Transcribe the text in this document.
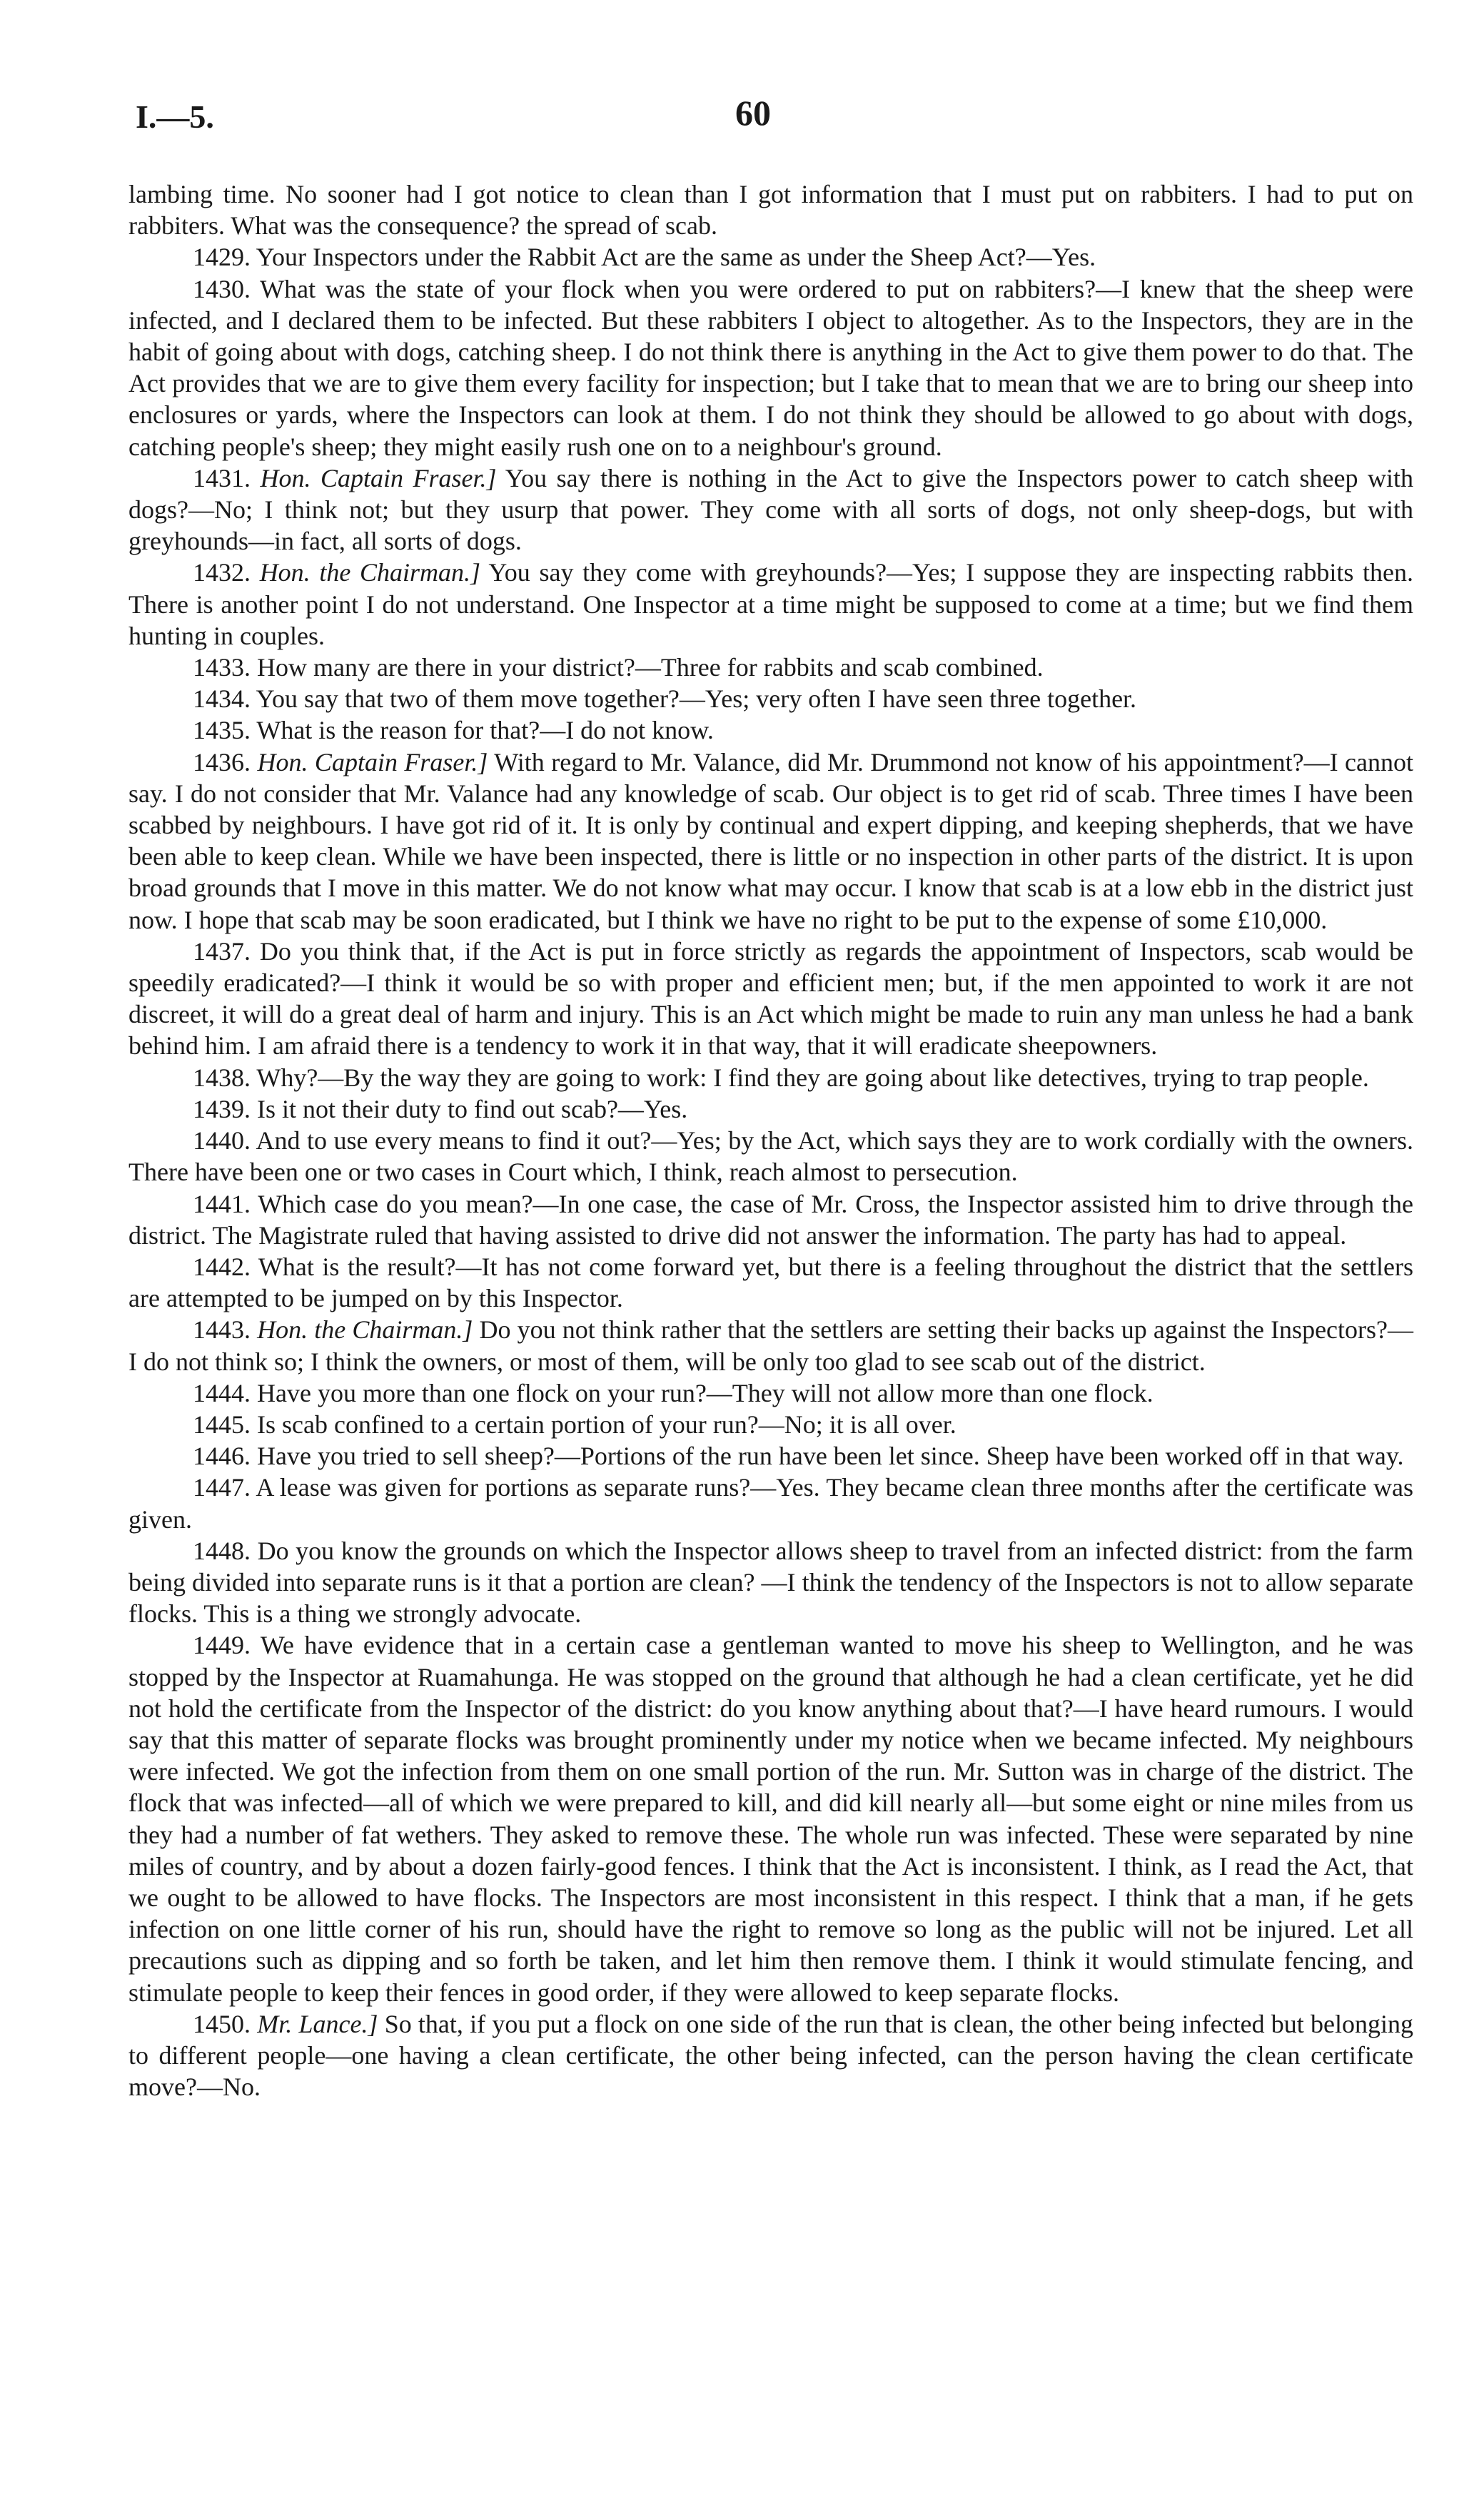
I.—5.	60

lambing time. No sooner had I got notice to clean than I got information that I must put on rabbiters. I had to put on rabbiters. What was the consequence? the spread of scab.

1429. Your Inspectors under the Rabbit Act are the same as under the Sheep Act?—Yes.

1430. What was the state of your flock when you were ordered to put on rabbiters?—I knew that the sheep were infected, and I declared them to be infected. But these rabbiters I object to altogether. As to the Inspectors, they are in the habit of going about with dogs, catching sheep. I do not think there is anything in the Act to give them power to do that. The Act provides that we are to give them every facility for inspection; but I take that to mean that we are to bring our sheep into enclosures or yards, where the Inspectors can look at them. I do not think they should be allowed to go about with dogs, catching people's sheep; they might easily rush one on to a neighbour's ground.

1431. Hon. Captain Fraser.] You say there is nothing in the Act to give the Inspectors power to catch sheep with dogs?—No; I think not; but they usurp that power. They come with all sorts of dogs, not only sheep-dogs, but with greyhounds—in fact, all sorts of dogs.

1432. Hon. the Chairman.] You say they come with greyhounds?—Yes; I suppose they are inspecting rabbits then. There is another point I do not understand. One Inspector at a time might be supposed to come at a time; but we find them hunting in couples.

1433. How many are there in your district?—Three for rabbits and scab combined.

1434. You say that two of them move together?—Yes; very often I have seen three together.

1435. What is the reason for that?—I do not know.

1436. Hon. Captain Fraser.] With regard to Mr. Valance, did Mr. Drummond not know of his appointment?—I cannot say. I do not consider that Mr. Valance had any knowledge of scab. Our object is to get rid of scab. Three times I have been scabbed by neighbours. I have got rid of it. It is only by continual and expert dipping, and keeping shepherds, that we have been able to keep clean. While we have been inspected, there is little or no inspection in other parts of the district. It is upon broad grounds that I move in this matter. We do not know what may occur. I know that scab is at a low ebb in the district just now. I hope that scab may be soon eradicated, but I think we have no right to be put to the expense of some £10,000.

1437. Do you think that, if the Act is put in force strictly as regards the appointment of Inspectors, scab would be speedily eradicated?—I think it would be so with proper and efficient men; but, if the men appointed to work it are not discreet, it will do a great deal of harm and injury. This is an Act which might be made to ruin any man unless he had a bank behind him. I am afraid there is a tendency to work it in that way, that it will eradicate sheepowners.

1438. Why?—By the way they are going to work: I find they are going about like detectives, trying to trap people.

1439. Is it not their duty to find out scab?—Yes.

1440. And to use every means to find it out?—Yes; by the Act, which says they are to work cordially with the owners. There have been one or two cases in Court which, I think, reach almost to persecution.

1441. Which case do you mean?—In one case, the case of Mr. Cross, the Inspector assisted him to drive through the district. The Magistrate ruled that having assisted to drive did not answer the information. The party has had to appeal.

1442. What is the result?—It has not come forward yet, but there is a feeling throughout the district that the settlers are attempted to be jumped on by this Inspector.

1443. Hon. the Chairman.] Do you not think rather that the settlers are setting their backs up against the Inspectors?—I do not think so; I think the owners, or most of them, will be only too glad to see scab out of the district.

1444. Have you more than one flock on your run?—They will not allow more than one flock.

1445. Is scab confined to a certain portion of your run?—No; it is all over.

1446. Have you tried to sell sheep?—Portions of the run have been let since. Sheep have been worked off in that way.

1447. A lease was given for portions as separate runs?—Yes. They became clean three months after the certificate was given.

1448. Do you know the grounds on which the Inspector allows sheep to travel from an infected district: from the farm being divided into separate runs is it that a portion are clean? —I think the tendency of the Inspectors is not to allow separate flocks. This is a thing we strongly advocate.

1449. We have evidence that in a certain case a gentleman wanted to move his sheep to Wellington, and he was stopped by the Inspector at Ruamahunga. He was stopped on the ground that although he had a clean certificate, yet he did not hold the certificate from the Inspector of the district: do you know anything about that?—I have heard rumours. I would say that this matter of separate flocks was brought prominently under my notice when we became infected. My neighbours were infected. We got the infection from them on one small portion of the run. Mr. Sutton was in charge of the district. The flock that was infected—all of which we were prepared to kill, and did kill nearly all—but some eight or nine miles from us they had a number of fat wethers. They asked to remove these. The whole run was infected. These were separated by nine miles of country, and by about a dozen fairly-good fences. I think that the Act is inconsistent. I think, as I read the Act, that we ought to be allowed to have flocks. The Inspectors are most inconsistent in this respect. I think that a man, if he gets infection on one little corner of his run, should have the right to remove so long as the public will not be injured. Let all precautions such as dipping and so forth be taken, and let him then remove them. I think it would stimulate fencing, and stimulate people to keep their fences in good order, if they were allowed to keep separate flocks.

1450. Mr. Lance.] So that, if you put a flock on one side of the run that is clean, the other being infected but belonging to different people—one having a clean certificate, the other being infected, can the person having the clean certificate move?—No.
